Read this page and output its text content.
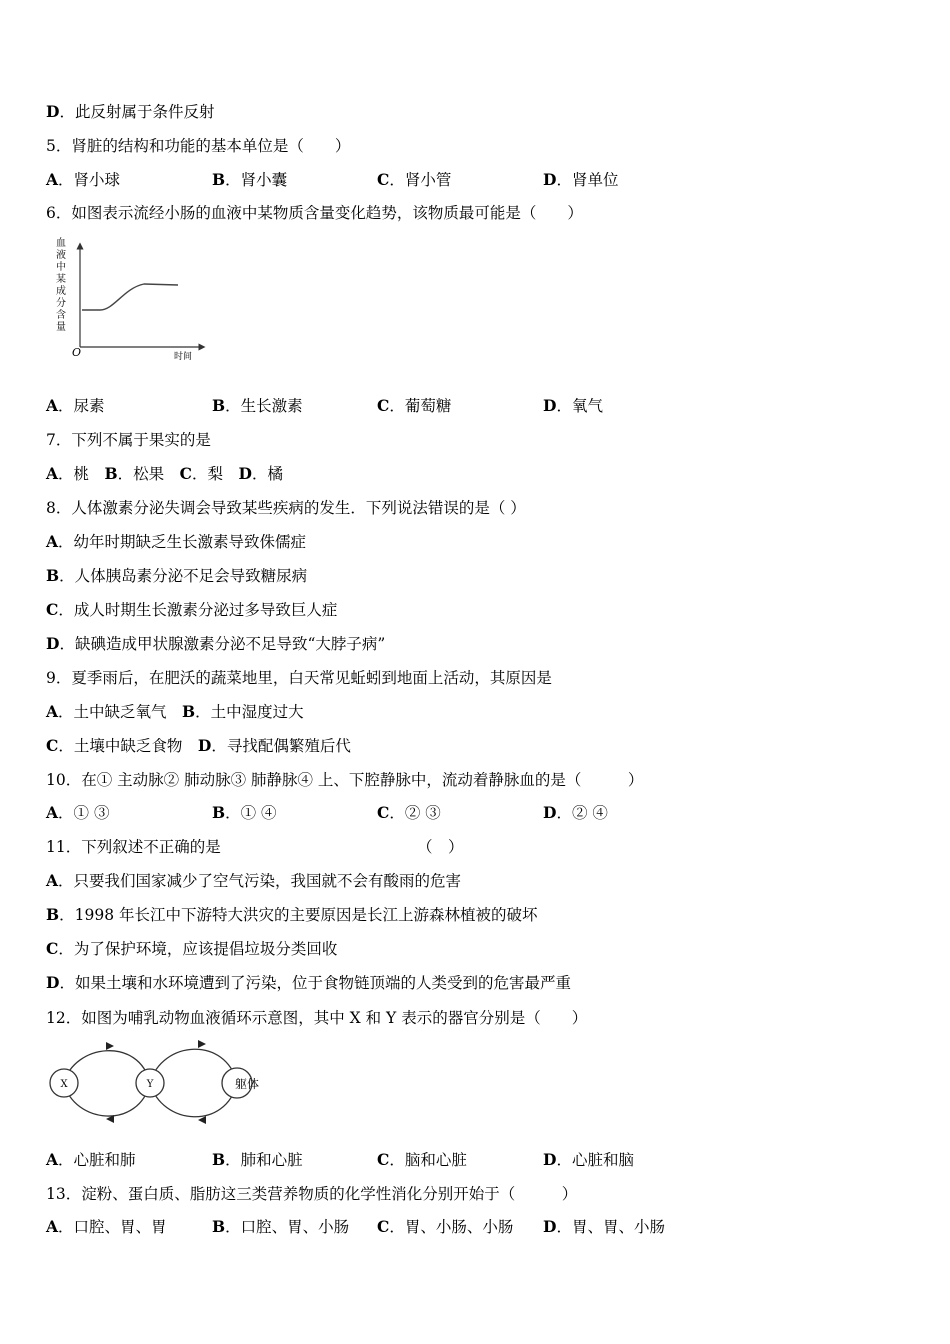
D．此反射属于条件反射
5．肾脏的结构和功能的基本单位是（　　）
A．肾小球	B．肾小囊	C．肾小管	D．肾单位
6．如图表示流经小肠的血液中某物质含量变化趋势，该物质最可能是（　　）
血
液
中
某
成
分
含
量
O	时间
A．尿素	B．生长激素	C．葡萄糖	D．氧气
7．下列不属于果实的是
A．桃　B．松果　C．梨　D．橘
8．人体激素分泌失调会导致某些疾病的发生．下列说法错误的是（ ）
A．幼年时期缺乏生长激素导致侏儒症
B．人体胰岛素分泌不足会导致糖尿病
C．成人时期生长激素分泌过多导致巨人症
D．缺碘造成甲状腺激素分泌不足导致“大脖子病”
9．夏季雨后，在肥沃的蔬菜地里，白天常见蚯蚓到地面上活动，其原因是
A．土中缺乏氧气　B．土中湿度过大
C．土壤中缺乏食物　D．寻找配偶繁殖后代
10．在① 主动脉② 肺动脉③ 肺静脉④ 上、下腔静脉中，流动着静脉血的是（　　　）
A．① ③	B．① ④	C．② ③	D．② ④
11．下列叙述不正确的是	（　）
A．只要我们国家减少了空气污染，我国就不会有酸雨的危害
B．1998 年长江中下游特大洪灾的主要原因是长江上游森林植被的破坏
C．为了保护环境，应该提倡垃圾分类回收
D．如果土壤和水环境遭到了污染，位于食物链顶端的人类受到的危害最严重
12．如图为哺乳动物血液循环示意图，其中 X 和 Y 表示的器官分别是（　　）
X	Y	躯体
A．心脏和肺	B．肺和心脏	C．脑和心脏	D．心脏和脑
13．淀粉、蛋白质、脂肪这三类营养物质的化学性消化分别开始于（　　　）
A．口腔、胃、胃	B．口腔、胃、小肠 C．胃、小肠、小肠 D．胃、胃、小肠
